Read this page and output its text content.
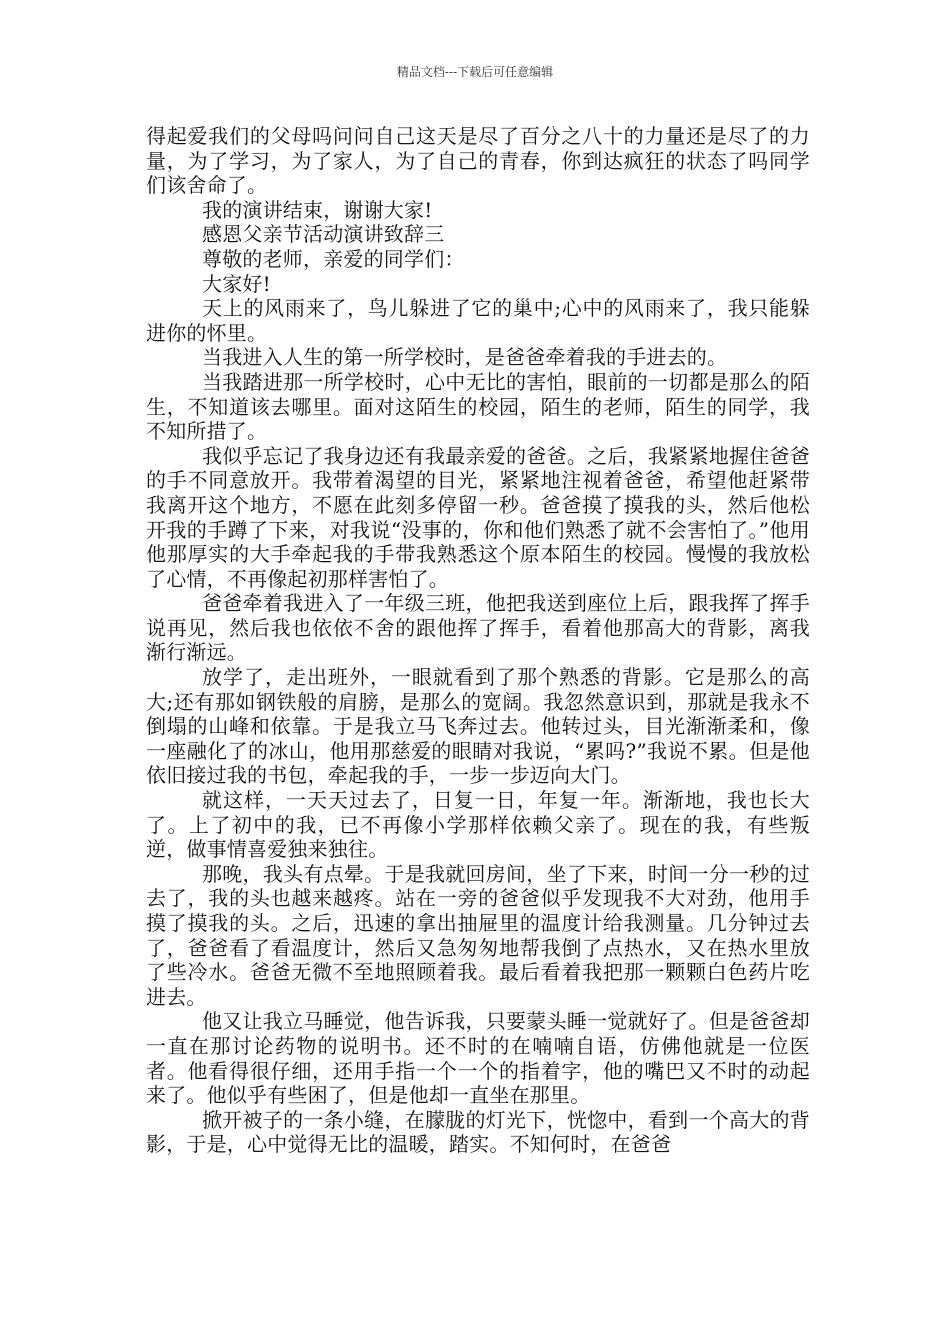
精品文档---下载后可任意编辑

得起爱我们的父母吗问问自己这天是尽了百分之八十的力量还是尽了的力量，为了学习，为了家人，为了自己的青春，你到达疯狂的状态了吗同学们该舍命了。

我的演讲结束，谢谢大家!

感恩父亲节活动演讲致辞三

尊敬的老师，亲爱的同学们：

大家好!

天上的风雨来了，鸟儿躲进了它的巢中;心中的风雨来了，我只能躲进你的怀里。

当我进入人生的第一所学校时，是爸爸牵着我的手进去的。

当我踏进那一所学校时，心中无比的害怕，眼前的一切都是那么的陌生，不知道该去哪里。面对这陌生的校园，陌生的老师，陌生的同学，我不知所措了。

我似乎忘记了我身边还有我最亲爱的爸爸。之后，我紧紧地握住爸爸的手不同意放开。我带着渴望的目光，紧紧地注视着爸爸，希望他赶紧带我离开这个地方，不愿在此刻多停留一秒。爸爸摸了摸我的头，然后他松开我的手蹲了下来，对我说“没事的，你和他们熟悉了就不会害怕了。”他用他那厚实的大手牵起我的手带我熟悉这个原本陌生的校园。慢慢的我放松了心情，不再像起初那样害怕了。

爸爸牵着我进入了一年级三班，他把我送到座位上后，跟我挥了挥手说再见，然后我也依依不舍的跟他挥了挥手，看着他那高大的背影，离我渐行渐远。

放学了，走出班外，一眼就看到了那个熟悉的背影。它是那么的高大;还有那如钢铁般的肩膀，是那么的宽阔。我忽然意识到，那就是我永不倒塌的山峰和依靠。于是我立马飞奔过去。他转过头，目光渐渐柔和，像一座融化了的冰山，他用那慈爱的眼睛对我说，“累吗?”我说不累。但是他依旧接过我的书包，牵起我的手，一步一步迈向大门。

就这样，一天天过去了，日复一日，年复一年。渐渐地，我也长大了。上了初中的我，已不再像小学那样依赖父亲了。现在的我，有些叛逆，做事情喜爱独来独往。

那晚，我头有点晕。于是我就回房间，坐了下来，时间一分一秒的过去了，我的头也越来越疼。站在一旁的爸爸似乎发现我不大对劲，他用手摸了摸我的头。之后，迅速的拿出抽屉里的温度计给我测量。几分钟过去了，爸爸看了看温度计，然后又急匆匆地帮我倒了点热水，又在热水里放了些冷水。爸爸无微不至地照顾着我。最后看着我把那一颗颗白色药片吃进去。

他又让我立马睡觉，他告诉我，只要蒙头睡一觉就好了。但是爸爸却一直在那讨论药物的说明书。还不时的在喃喃自语，仿佛他就是一位医者。他看得很仔细，还用手指一个一个的指着字，他的嘴巴又不时的动起来了。他似乎有些困了，但是他却一直坐在那里。

掀开被子的一条小缝，在朦胧的灯光下，恍惚中，看到一个高大的背影，于是，心中觉得无比的温暖，踏实。不知何时，在爸爸
